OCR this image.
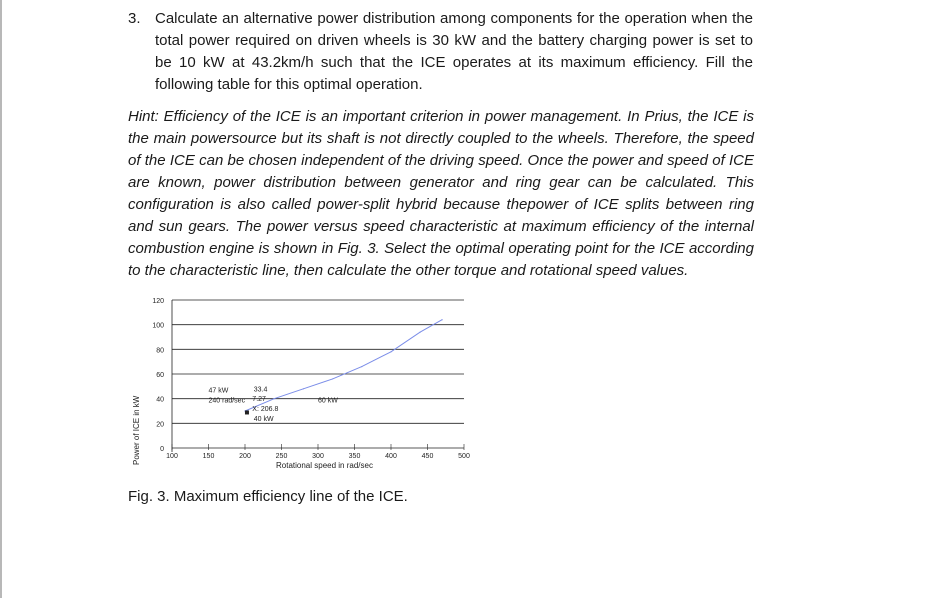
3. Calculate an alternative power distribution among components for the operation when the total power required on driven wheels is 30 kW and the battery charging power is set to be 10 kW at 43.2km/h such that the ICE operates at its maximum efficiency. Fill the following table for this optimal operation.
Hint: Efficiency of the ICE is an important criterion in power management. In Prius, the ICE is the main powersource but its shaft is not directly coupled to the wheels. Therefore, the speed of the ICE can be chosen independent of the driving speed. Once the power and speed of ICE are known, power distribution between generator and ring gear can be calculated. This configuration is also called power-split hybrid because thepower of ICE splits between ring and sun gears. The power versus speed characteristic at maximum efficiency of the internal combustion engine is shown in Fig. 3. Select the optimal operating point for the ICE according to the characteristic line, then calculate the other torque and rotational speed values.
0
20
40
60
80
100
120
100	150	200	250	300	350	400	450	500
47 kW	33.4
240 rad/sec 7.27
X: 206.8
40 kW
60 kW
Power of ICE in kW
Rotational speed in rad/sec
Fig. 3. Maximum efficiency line of the ICE.
